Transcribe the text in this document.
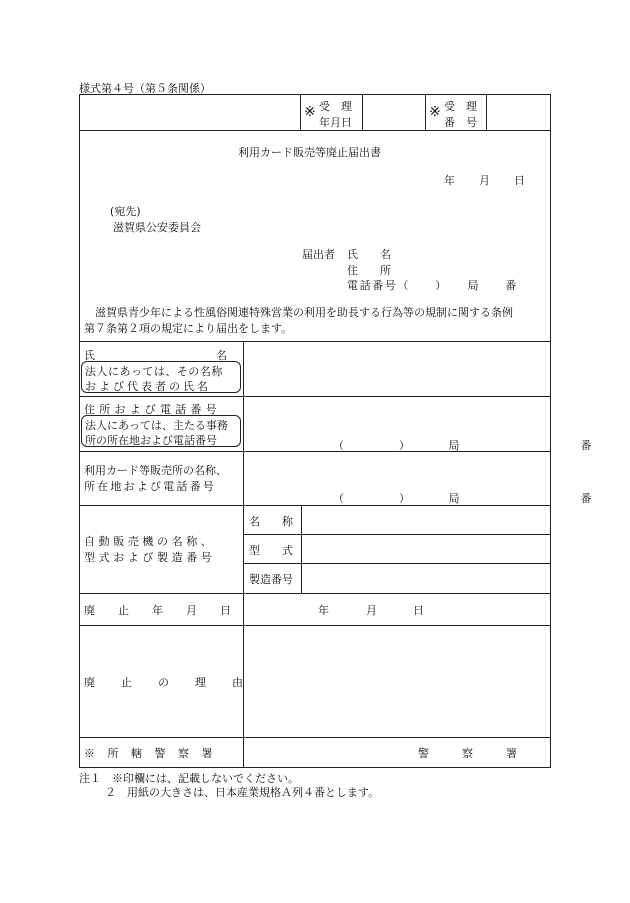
様式第４号（第５条関係）
※ 受　理
年月日
※ 受　理
番　号
利用カード販売等廃止届出書
年 月 日
(宛先)
滋賀県公安委員会
届出者 氏　　名
住　　所
電話番号（　　）　　局　　番
滋賀県青少年による性風俗関連特殊営業の利用を助長する行為等の規制に関する条例
第７条第２項の規定により届出をします。
氏　　　　　　　　　　　名
法人にあっては、その名称
および代表者の氏名
住所および電話番号
法人にあっては、主たる事務
所の所在地および電話番号	（　　　　　）　　　　局　　　　　　　　　　　番
利用カード等販売所の名称、
所在地および電話番号
（　　　　　）　　　　局　　　　　　　　　　　番
自動販売機の名称、
型式および製造番号
名　　称
型　　式
製造番号
廃止年月日	年	月	日
廃止の理由
※所轄警察署	警　　　察　　　署
注１　※印欄には、記載しないでください。
２　用紙の大きさは、日本産業規格Ａ列４番とします。
